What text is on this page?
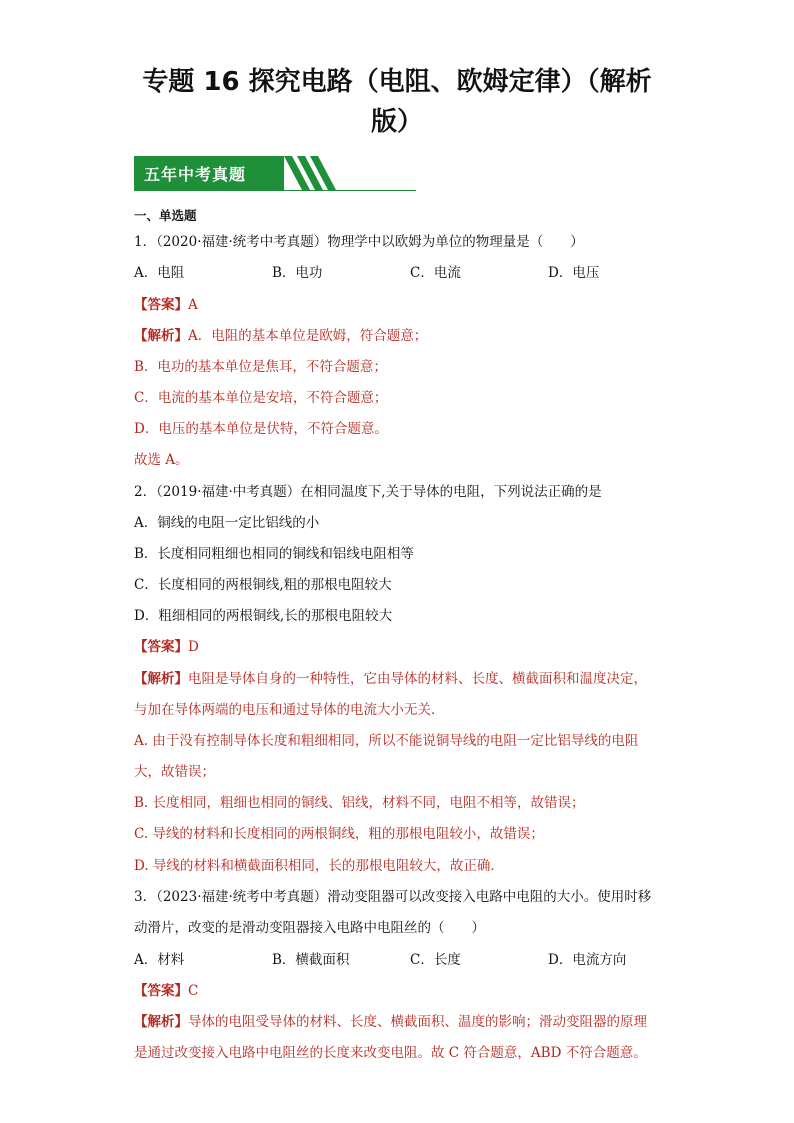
专题 16 探究电路（电阻、欧姆定律）（解析
版）
五年中考真题
一、单选题
1．（2020·福建·统考中考真题）物理学中以欧姆为单位的物理量是（　　）
A．电阻	B．电功	C．电流	D．电压
【答案】A
【解析】A．电阻的基本单位是欧姆，符合题意；
B．电功的基本单位是焦耳，不符合题意；
C．电流的基本单位是安培，不符合题意；
D．电压的基本单位是伏特，不符合题意。
故选 A。
2．（2019·福建·中考真题）在相同温度下,关于导体的电阻，下列说法正确的是
A．铜线的电阻一定比铝线的小
B．长度相同粗细也相同的铜线和铝线电阻相等
C．长度相同的两根铜线,粗的那根电阻较大
D．粗细相同的两根铜线,长的那根电阻较大
【答案】D
【解析】电阻是导体自身的一种特性，它由导体的材料、长度、横截面积和温度决定，
与加在导体两端的电压和通过导体的电流大小无关．
A. 由于没有控制导体长度和粗细相同，所以不能说铜导线的电阻一定比铝导线的电阻
大，故错误；
B. 长度相同，粗细也相同的铜线、铝线，材料不同，电阻不相等，故错误；
C. 导线的材料和长度相同的两根铜线，粗的那根电阻较小，故错误；
D. 导线的材料和横截面积相同，长的那根电阻较大，故正确．
3．（2023·福建·统考中考真题）滑动变阻器可以改变接入电路中电阻的大小。使用时移
动滑片，改变的是滑动变阻器接入电路中电阻丝的（　　）
A．材料	B．横截面积	C．长度	D．电流方向
【答案】C
【解析】导体的电阻受导体的材料、长度、横截面积、温度的影响；滑动变阻器的原理
是通过改变接入电路中电阻丝的长度来改变电阻。故 C 符合题意，ABD 不符合题意。
